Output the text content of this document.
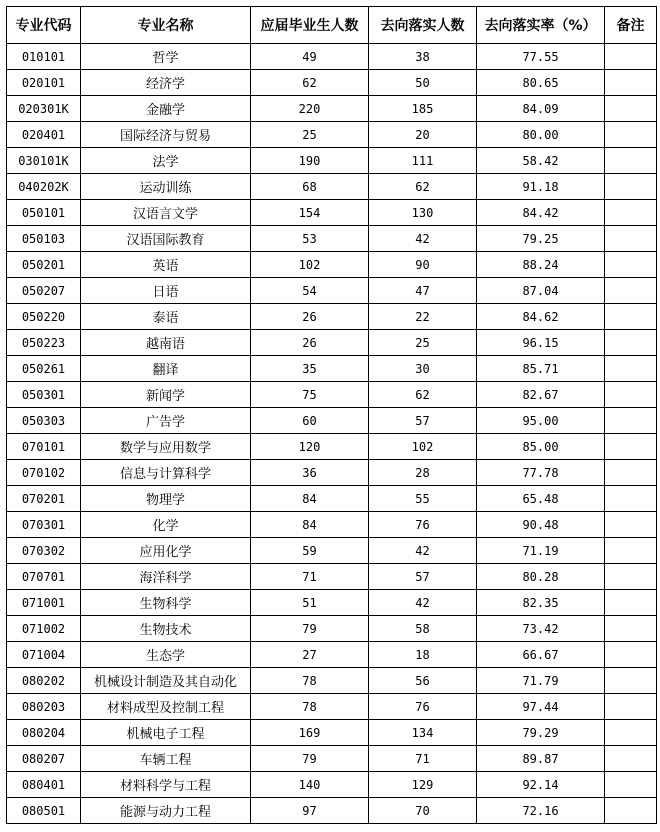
专业代码	专业名称	应届毕业生人数	去向落实人数	去向落实率（%）	备注
010101	哲学	49	38	77.55	
020101	经济学	62	50	80.65	
020301K	金融学	220	185	84.09	
020401	国际经济与贸易	25	20	80.00	
030101K	法学	190	111	58.42	
040202K	运动训练	68	62	91.18	
050101	汉语言文学	154	130	84.42	
050103	汉语国际教育	53	42	79.25	
050201	英语	102	90	88.24	
050207	日语	54	47	87.04	
050220	泰语	26	22	84.62	
050223	越南语	26	25	96.15	
050261	翻译	35	30	85.71	
050301	新闻学	75	62	82.67	
050303	广告学	60	57	95.00	
070101	数学与应用数学	120	102	85.00	
070102	信息与计算科学	36	28	77.78	
070201	物理学	84	55	65.48	
070301	化学	84	76	90.48	
070302	应用化学	59	42	71.19	
070701	海洋科学	71	57	80.28	
071001	生物科学	51	42	82.35	
071002	生物技术	79	58	73.42	
071004	生态学	27	18	66.67	
080202	机械设计制造及其自动化	78	56	71.79	
080203	材料成型及控制工程	78	76	97.44	
080204	机械电子工程	169	134	79.29	
080207	车辆工程	79	71	89.87	
080401	材料科学与工程	140	129	92.14	
080501	能源与动力工程	97	70	72.16	
